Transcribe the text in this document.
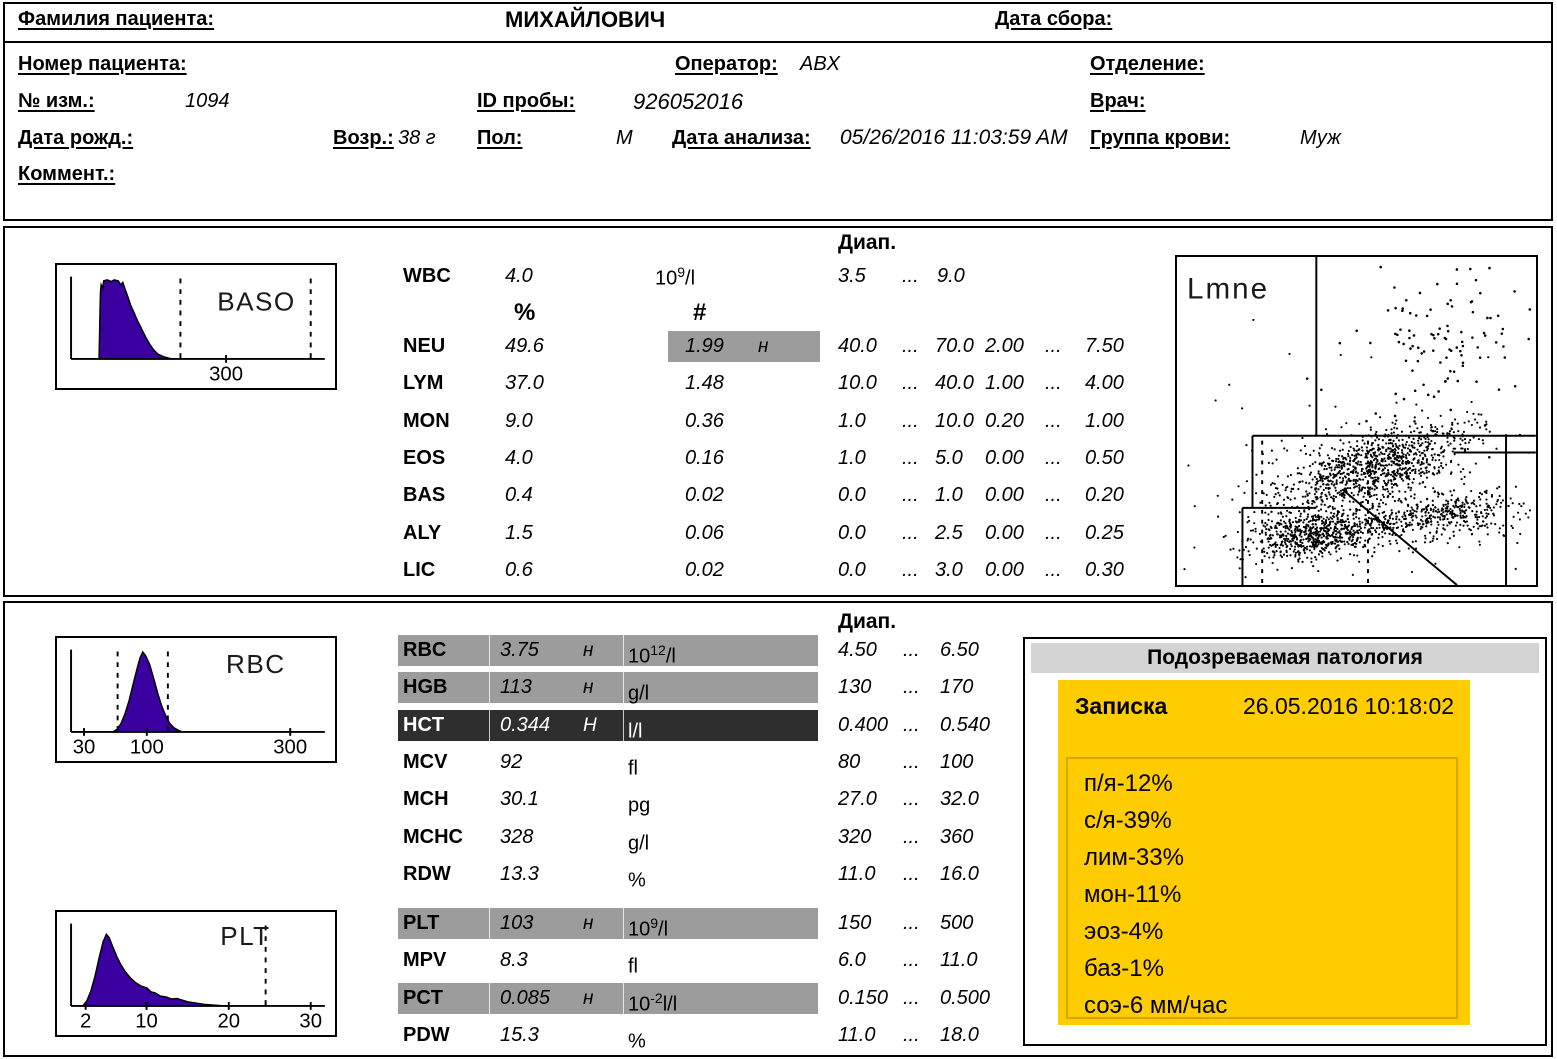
Фамилия пациента:	МИХАЙЛОВИЧ	Дата сбора:
Номер пациента:	Оператор: ABX	Отделение:
№ изм.:	1094	ID пробы:	926052016	Врач:
Дата рожд.:	Возр.: 38 г Пол:	М Дата анализа: 05/26/2016 11:03:59 AM Группа крови:	Муж
Коммент.:
300
BASO
Диап.
WBC	4.0	$10^9/l$	3.5 ... 9.0
%	#
NEU	49.6	1.99 н	40.0 ... 70.0 2.00 ... 7.50
LYM	37.0	1.48	10.0 ... 40.0 1.00 ... 4.00
MON	9.0	0.36	1.0 ... 10.0 0.20 ... 1.00
EOS	4.0	0.16	1.0 ... 5.0 0.00 ... 0.50
BAS	0.4	0.02	0.0 ... 1.0 0.00 ... 0.20
ALY	1.5	0.06	0.0 ... 2.5 0.00 ... 0.25
LIC	0.6	0.02	0.0 ... 3.0 0.00 ... 0.30
Lmne
30 100	300
RBC
2 10	20	30
PLT
Диап.
RBC	3.75 н $10^{12}/l$	4.50 ... 6.50
HGB	113	н g/l	130 ... 170
HCT	0.344 Н l/l	0.400 ... 0.540
MCV	92	fl	80 ... 100
MCH	30.1	pg	27.0 ... 32.0
MCHC 328	g/l	320 ... 360
RDW 13.3	%	11.0 ... 16.0
PLT	103	н $10^9/l$	150 ... 500
MPV	8.3	fl	6.0 ... 11.0
PCT	0.085 н $10^{-2}l/l$	0.150 ... 0.500
PDW	15.3	%	11.0 ... 18.0
Подозреваемая патология
Записка	26.05.2016 10:18:02
п/я-12%
с/я-39%
лим-33%
мон-11%
эоз-4%
баз-1%
соэ-6 мм/час
